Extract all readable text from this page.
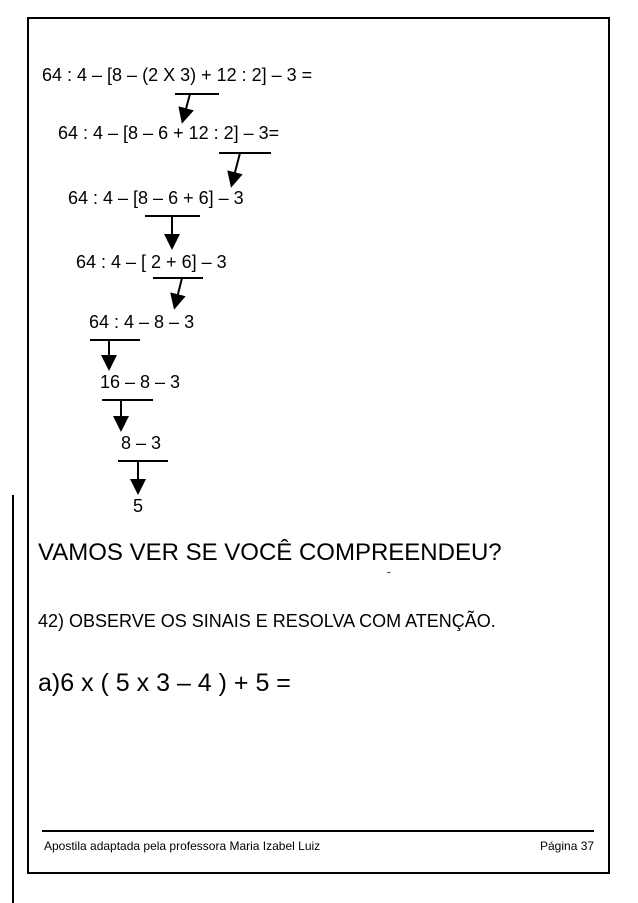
64 : 4 – [8 – (2 X 3) + 12 : 2] – 3 =
64 : 4 – [8 – 6 + 12 : 2] – 3=
64 : 4 – [8 – 6 + 6] – 3
64 : 4 – [ 2 + 6] – 3
64 : 4 – 8 – 3
16 – 8 – 3
8 – 3
5
VAMOS VER SE VOCÊ COMPREENDEU?
42) OBSERVE OS SINAIS E RESOLVA COM ATENÇÃO.
a)6 x ( 5 x 3 – 4 ) + 5 =
Apostila adaptada pela professora Maria Izabel Luiz	Página 37
